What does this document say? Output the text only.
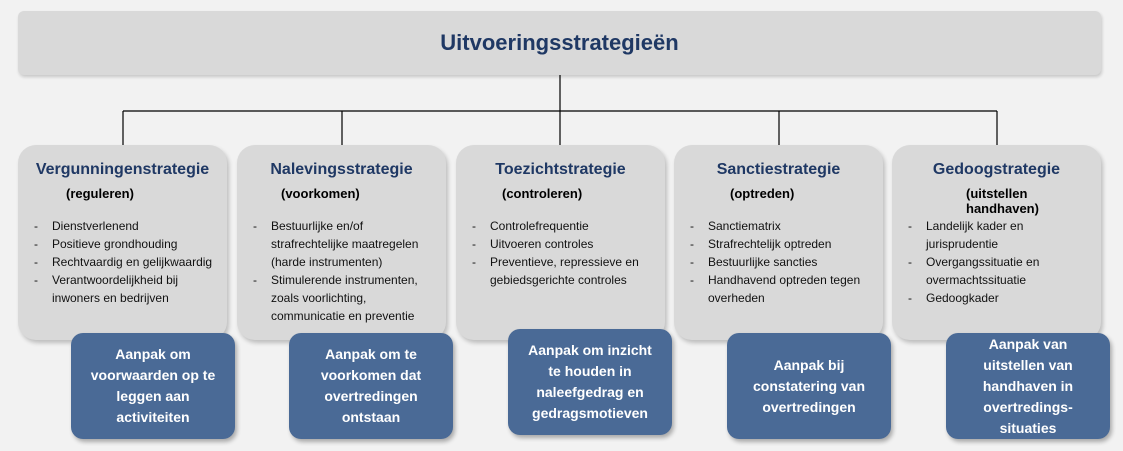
Uitvoeringsstrategieën
Vergunningenstrategie
(reguleren)
- Dienstverlenend
- Positieve grondhouding
- Rechtvaardig en gelijkwaardig
- Verantwoordelijkheid bij inwoners en bedrijven
Nalevingsstrategie
(voorkomen)
- Bestuurlijke en/of strafrechtelijke maatregelen (harde instrumenten)
- Stimulerende instrumenten, zoals voorlichting, communicatie en preventie
Toezichtstrategie
(controleren)
- Controlefrequentie
- Uitvoeren controles
- Preventieve, repressieve en gebiedsgerichte controles
Sanctiestrategie
(optreden)
- Sanctiematrix
- Strafrechtelijk optreden
- Bestuurlijke sancties
- Handhavend optreden tegen overheden
Gedoogstrategie
(uitstellen handhaven)
- Landelijk kader en jurisprudentie
- Overgangssituatie en overmachtssituatie
- Gedoogkader
Aanpak om voorwaarden op te leggen aan activiteiten
Aanpak om te voorkomen dat overtredingen ontstaan
Aanpak om inzicht te houden in naleefgedrag en gedragsmotieven
Aanpak bij constatering van overtredingen
Aanpak van uitstellen van handhaven in overtredings-situaties
